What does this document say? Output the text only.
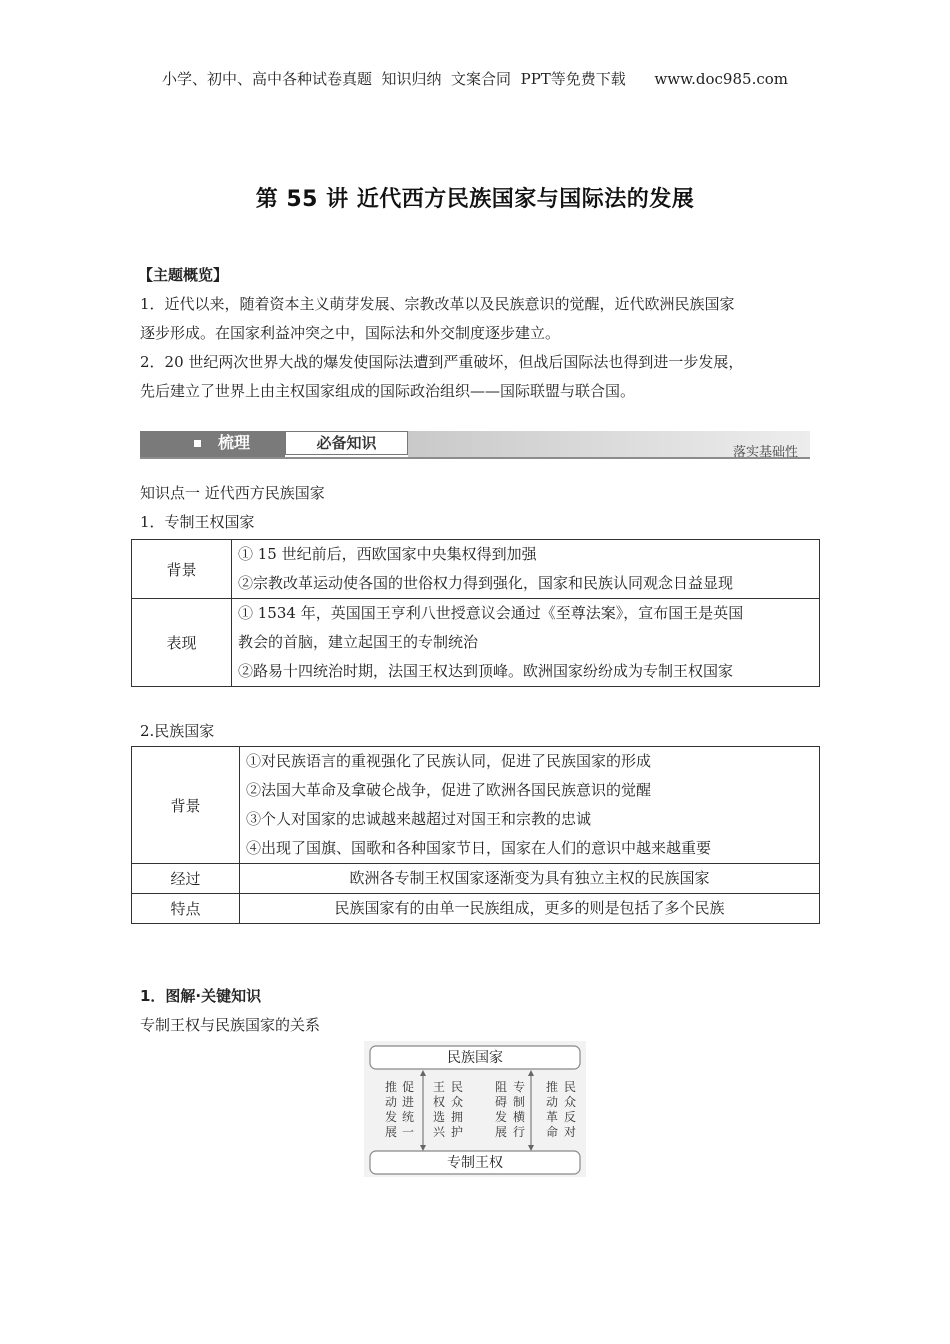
小学、初中、高中各种试卷真题  知识归纳  文案合同  PPT等免费下载      www.doc985.com
第 55 讲 近代西方民族国家与国际法的发展
【主题概览】
1．近代以来，随着资本主义萌芽发展、宗教改革以及民族意识的觉醒，近代欧洲民族国家
逐步形成。在国家利益冲突之中，国际法和外交制度逐步建立。
2．20 世纪两次世界大战的爆发使国际法遭到严重破坏，但战后国际法也得到进一步发展，
先后建立了世界上由主权国家组成的国际政治组织——国际联盟与联合国。
梳理	必备知识
落实基础性
知识点一 近代西方民族国家
1．专制王权国家
背景	① 15 世纪前后，西欧国家中央集权得到加强
②宗教改革运动使各国的世俗权力得到强化，国家和民族认同观念日益显现

表现	① 1534 年，英国国王亨利八世授意议会通过《至尊法案》，宣布国王是英国
教会的首脑，建立起国王的专制统治
②路易十四统治时期，法国王权达到顶峰。欧洲国家纷纷成为专制王权国家
2.民族国家
背景	①对民族语言的重视强化了民族认同，促进了民族国家的形成
②法国大革命及拿破仑战争，促进了欧洲各国民族意识的觉醒
③个人对国家的忠诚越来越超过对国王和宗教的忠诚
④出现了国旗、国歌和各种国家节日，国家在人们的意识中越来越重要

经过	欧洲各专制王权国家逐渐变为具有独立主权的民族国家

特点	民族国家有的由单一民族组成，更多的则是包括了多个民族
1．图解·关键知识
专制王权与民族国家的关系
推动发展
促进统一
王权选兴
民众拥护
阻碍发展
专制横行
推动革命
民众反对
民族国家
专制王权
